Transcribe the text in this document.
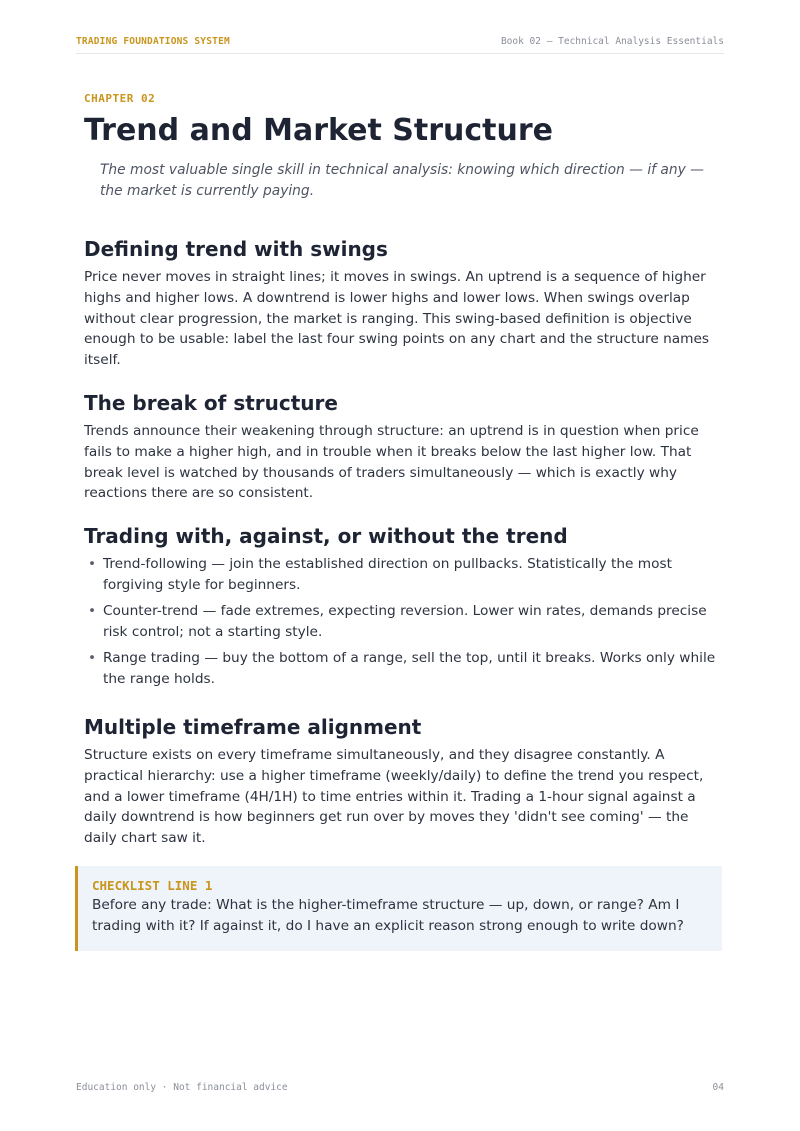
TRADING FOUNDATIONS SYSTEM	Book 02 — Technical Analysis Essentials
CHAPTER 02
Trend and Market Structure

The most valuable single skill in technical analysis: knowing which direction — if any — the market is currently paying.

Defining trend with swings

Price never moves in straight lines; it moves in swings. An uptrend is a sequence of higher highs and higher lows. A downtrend is lower highs and lower lows. When swings overlap without clear progression, the market is ranging. This swing-based definition is objective enough to be usable: label the last four swing points on any chart and the structure names itself.

The break of structure

Trends announce their weakening through structure: an uptrend is in question when price fails to make a higher high, and in trouble when it breaks below the last higher low. That break level is watched by thousands of traders simultaneously — which is exactly why reactions there are so consistent.

Trading with, against, or without the trend
• Trend-following — join the established direction on pullbacks. Statistically the most forgiving style for beginners.
• Counter-trend — fade extremes, expecting reversion. Lower win rates, demands precise risk control; not a starting style.
• Range trading — buy the bottom of a range, sell the top, until it breaks. Works only while the range holds.
Multiple timeframe alignment

Structure exists on every timeframe simultaneously, and they disagree constantly. A practical hierarchy: use a higher timeframe (weekly/daily) to define the trend you respect, and a lower timeframe (4H/1H) to time entries within it. Trading a 1-hour signal against a daily downtrend is how beginners get run over by moves they 'didn't see coming' — the daily chart saw it.

CHECKLIST LINE 1

Before any trade: What is the higher-timeframe structure — up, down, or range? Am I trading with it? If against it, do I have an explicit reason strong enough to write down?

Education only · Not financial advice	04
